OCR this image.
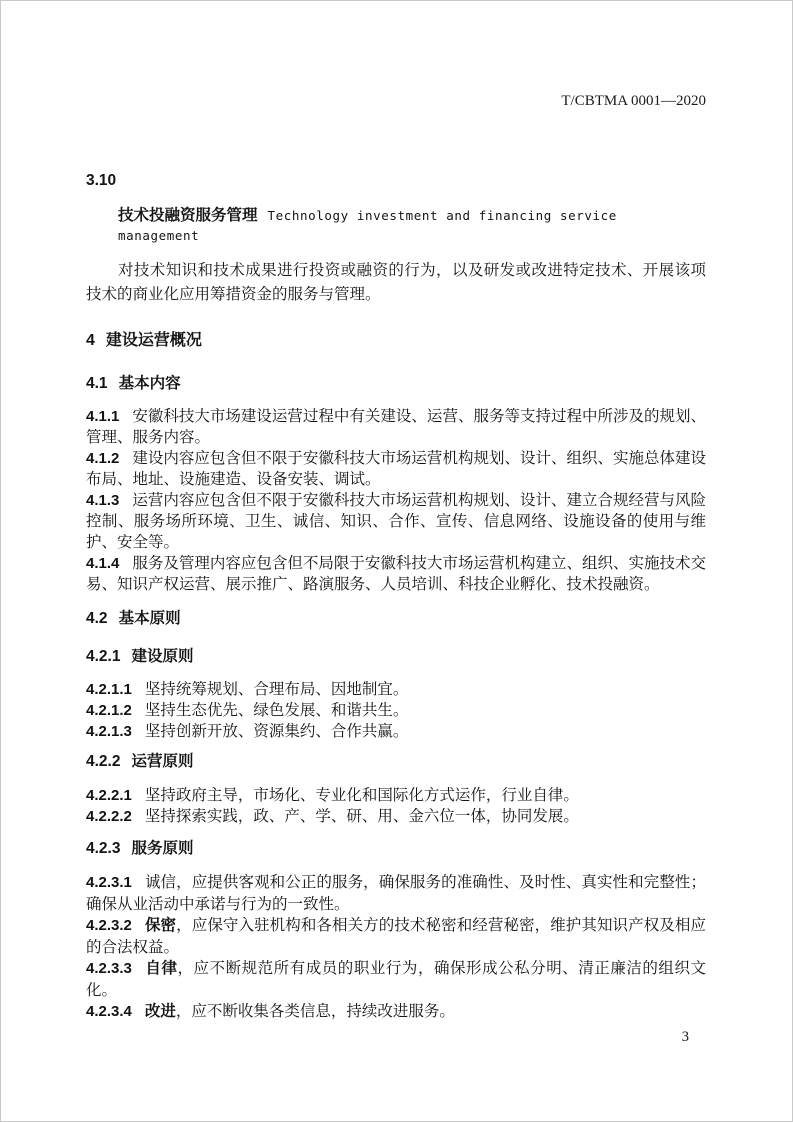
T/CBTMA 0001—2020
3.10
技术投融资服务管理 Technology investment and financing service management

对技术知识和技术成果进行投资或融资的行为，以及研发或改进特定技术、开展该项技术的商业化应用筹措资金的服务与管理。

4 建设运营概况
4.1 基本内容

4.1.1 安徽科技大市场建设运营过程中有关建设、运营、服务等支持过程中所涉及的规划、管理、服务内容。

4.1.2 建设内容应包含但不限于安徽科技大市场运营机构规划、设计、组织、实施总体建设布局、地址、设施建造、设备安装、调试。

4.1.3 运营内容应包含但不限于安徽科技大市场运营机构规划、设计、建立合规经营与风险控制、服务场所环境、卫生、诚信、知识、合作、宣传、信息网络、设施设备的使用与维护、安全等。

4.1.4 服务及管理内容应包含但不局限于安徽科技大市场运营机构建立、组织、实施技术交易、知识产权运营、展示推广、路演服务、人员培训、科技企业孵化、技术投融资。

4.2 基本原则
4.2.1 建设原则

4.2.1.1 坚持统筹规划、合理布局、因地制宜。

4.2.1.2 坚持生态优先、绿色发展、和谐共生。

4.2.1.3 坚持创新开放、资源集约、合作共赢。

4.2.2 运营原则

4.2.2.1 坚持政府主导，市场化、专业化和国际化方式运作，行业自律。

4.2.2.2 坚持探索实践，政、产、学、研、用、金六位一体，协同发展。

4.2.3 服务原则

4.2.3.1 诚信，应提供客观和公正的服务，确保服务的准确性、及时性、真实性和完整性；确保从业活动中承诺与行为的一致性。

4.2.3.2 保密，应保守入驻机构和各相关方的技术秘密和经营秘密，维护其知识产权及相应的合法权益。

4.2.3.3 自律，应不断规范所有成员的职业行为，确保形成公私分明、清正廉洁的组织文化。

4.2.3.4 改进，应不断收集各类信息，持续改进服务。

3
